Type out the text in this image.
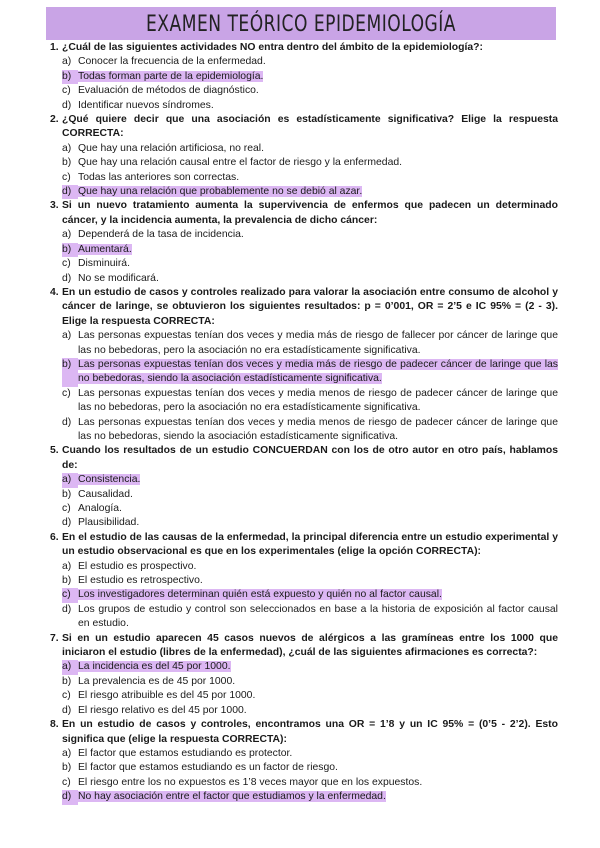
EXAMEN TEÓRICO EPIDEMIOLOGÍA
1. ¿Cuál de las siguientes actividades NO entra dentro del ámbito de la epidemiología?:
a) Conocer la frecuencia de la enfermedad.
b) Todas forman parte de la epidemiología.
c) Evaluación de métodos de diagnóstico.
d) Identificar nuevos síndromes.
2. ¿Qué quiere decir que una asociación es estadísticamente significativa? Elige la respuesta CORRECTA:
a) Que hay una relación artificiosa, no real.
b) Que hay una relación causal entre el factor de riesgo y la enfermedad.
c) Todas las anteriores son correctas.
d) Que hay una relación que probablemente no se debió al azar.
3. Si un nuevo tratamiento aumenta la supervivencia de enfermos que padecen un determinado cáncer, y la incidencia aumenta, la prevalencia de dicho cáncer:
a) Dependerá de la tasa de incidencia.
b) Aumentará.
c) Disminuirá.
d) No se modificará.
4. En un estudio de casos y controles realizado para valorar la asociación entre consumo de alcohol y cáncer de laringe, se obtuvieron los siguientes resultados: p = 0’001, OR = 2’5 e IC 95% = (2 - 3). Elige la respuesta CORRECTA:
a) Las personas expuestas tenían dos veces y media más de riesgo de fallecer por cáncer de laringe que las no bebedoras, pero la asociación no era estadísticamente significativa.
b) Las personas expuestas tenían dos veces y media más de riesgo de padecer cáncer de laringe que las no bebedoras, siendo la asociación estadísticamente significativa.
c) Las personas expuestas tenían dos veces y media menos de riesgo de padecer cáncer de laringe que las no bebedoras, pero la asociación no era estadísticamente significativa.
d) Las personas expuestas tenían dos veces y media menos de riesgo de padecer cáncer de laringe que las no bebedoras, siendo la asociación estadísticamente significativa.
5. Cuando los resultados de un estudio CONCUERDAN con los de otro autor en otro país, hablamos de:
a) Consistencia.
b) Causalidad.
c) Analogía.
d) Plausibilidad.
6. En el estudio de las causas de la enfermedad, la principal diferencia entre un estudio experimental y un estudio observacional es que en los experimentales (elige la opción CORRECTA):
a) El estudio es prospectivo.
b) El estudio es retrospectivo.
c) Los investigadores determinan quién está expuesto y quién no al factor causal.
d) Los grupos de estudio y control son seleccionados en base a la historia de exposición al factor causal en estudio.
7. Si en un estudio aparecen 45 casos nuevos de alérgicos a las gramíneas entre los 1000 que iniciaron el estudio (libres de la enfermedad), ¿cuál de las siguientes afirmaciones es correcta?:
a) La incidencia es del 45 por 1000.
b) La prevalencia es de 45 por 1000.
c) El riesgo atribuible es del 45 por 1000.
d) El riesgo relativo es del 45 por 1000.
8. En un estudio de casos y controles, encontramos una OR = 1’8 y un IC 95% = (0’5 - 2’2). Esto significa que (elige la respuesta CORRECTA):
a) El factor que estamos estudiando es protector.
b) El factor que estamos estudiando es un factor de riesgo.
c) El riesgo entre los no expuestos es 1’8 veces mayor que en los expuestos.
d) No hay asociación entre el factor que estudiamos y la enfermedad.
